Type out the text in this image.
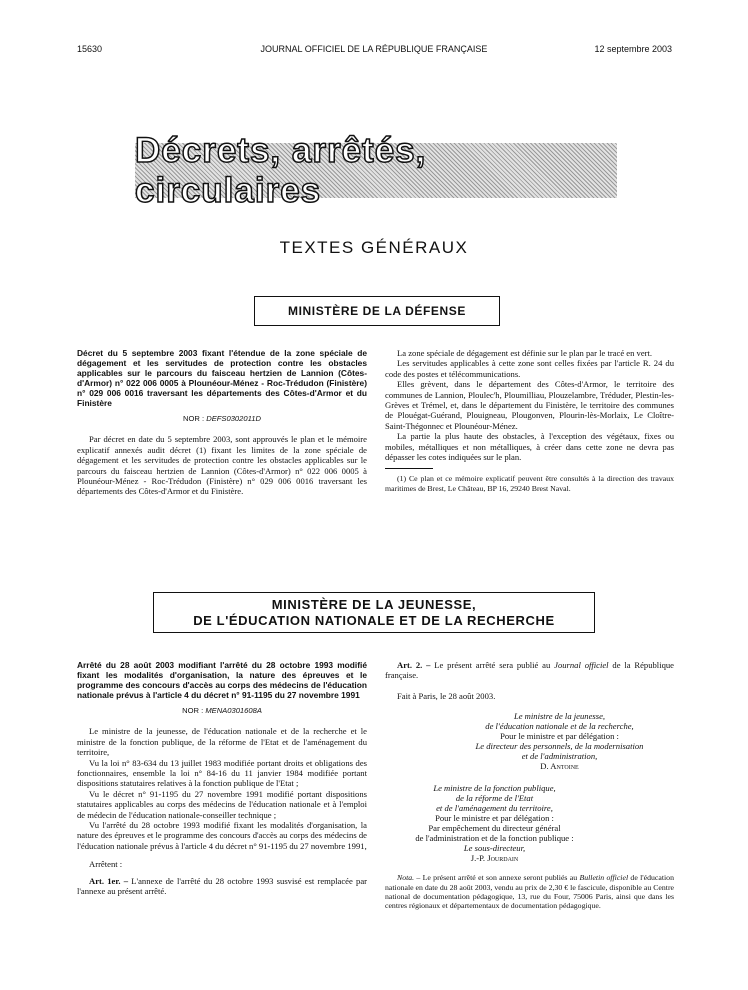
15630	JOURNAL OFFICIEL DE LA RÉPUBLIQUE FRANÇAISE	12 septembre 2003
Décrets, arrêtés, circulaires
TEXTES GÉNÉRAUX
MINISTÈRE DE LA DÉFENSE

Décret du 5 septembre 2003 fixant l'étendue de la zone spéciale de dégagement et les servitudes de protection contre les obstacles applicables sur le parcours du faisceau hertzien de Lannion (Côtes-d'Armor) n° 022 006 0005 à Plounéour-Ménez - Roc-Trédudon (Finistère) n° 029 006 0016 traversant les départements des Côtes-d'Armor et du Finistère

NOR : DEFS0302011D

Par décret en date du 5 septembre 2003, sont approuvés le plan et le mémoire explicatif annexés audit décret (1) fixant les limites de la zone spéciale de dégagement et les servitudes de protection contre les obstacles applicables sur le parcours du faisceau hertzien de Lannion (Côtes-d'Armor) n° 022 006 0005 à Plounéour-Ménez - Roc-Trédudon (Finistère) n° 029 006 0016 traversant les départements des Côtes-d'Armor et du Finistère.

La zone spéciale de dégagement est définie sur le plan par le tracé en vert.

Les servitudes applicables à cette zone sont celles fixées par l'article R. 24 du code des postes et télécommunications.

Elles grèvent, dans le département des Côtes-d'Armor, le territoire des communes de Lannion, Ploulec'h, Ploumilliau, Plouzelambre, Tréduder, Plestin-les-Grèves et Trémel, et, dans le département du Finistère, le territoire des communes de Plouégat-Guérand, Plouigneau, Plougonven, Plourin-lès-Morlaix, Le Cloître-Saint-Thégonnec et Plounéour-Ménez.

La partie la plus haute des obstacles, à l'exception des végétaux, fixes ou mobiles, métalliques et non métalliques, à créer dans cette zone ne devra pas dépasser les cotes indiquées sur le plan.

(1) Ce plan et ce mémoire explicatif peuvent être consultés à la direction des travaux maritimes de Brest, Le Château, BP 16, 29240 Brest Naval.

MINISTÈRE DE LA JEUNESSE,
DE L'ÉDUCATION NATIONALE ET DE LA RECHERCHE

Arrêté du 28 août 2003 modifiant l'arrêté du 28 octobre 1993 modifié fixant les modalités d'organisation, la nature des épreuves et le programme des concours d'accès au corps des médecins de l'éducation nationale prévus à l'article 4 du décret n° 91-1195 du 27 novembre 1991

NOR : MENA0301608A

Le ministre de la jeunesse, de l'éducation nationale et de la recherche et le ministre de la fonction publique, de la réforme de l'Etat et de l'aménagement du territoire,

Vu la loi n° 83-634 du 13 juillet 1983 modifiée portant droits et obligations des fonctionnaires, ensemble la loi n° 84-16 du 11 janvier 1984 modifiée portant dispositions statutaires relatives à la fonction publique de l'Etat ;

Vu le décret n° 91-1195 du 27 novembre 1991 modifié portant dispositions statutaires applicables au corps des médecins de l'éducation nationale et à l'emploi de médecin de l'éducation nationale-conseiller technique ;

Vu l'arrêté du 28 octobre 1993 modifié fixant les modalités d'organisation, la nature des épreuves et le programme des concours d'accès au corps des médecins de l'éducation nationale prévus à l'article 4 du décret n° 91-1195 du 27 novembre 1991,

Arrêtent :

Art. 1er. – L'annexe de l'arrêté du 28 octobre 1993 susvisé est remplacée par l'annexe au présent arrêté.

Art. 2. – Le présent arrêté sera publié au Journal officiel de la République française.

Fait à Paris, le 28 août 2003.

Le ministre de la jeunesse,
de l'éducation nationale et de la recherche,
Pour le ministre et par délégation :
Le directeur des personnels, de la modernisation
et de l'administration,
D. Antoine
Le ministre de la fonction publique,
de la réforme de l'Etat
et de l'aménagement du territoire,
Pour le ministre et par délégation :
Par empêchement du directeur général
de l'administration et de la fonction publique :
Le sous-directeur,
J.-P. Jourdain

Nota. – Le présent arrêté et son annexe seront publiés au Bulletin officiel de l'éducation nationale en date du 28 août 2003, vendu au prix de 2,30 € le fascicule, disponible au Centre national de documentation pédagogique, 13, rue du Four, 75006 Paris, ainsi que dans les centres régionaux et départementaux de documentation pédagogique.
